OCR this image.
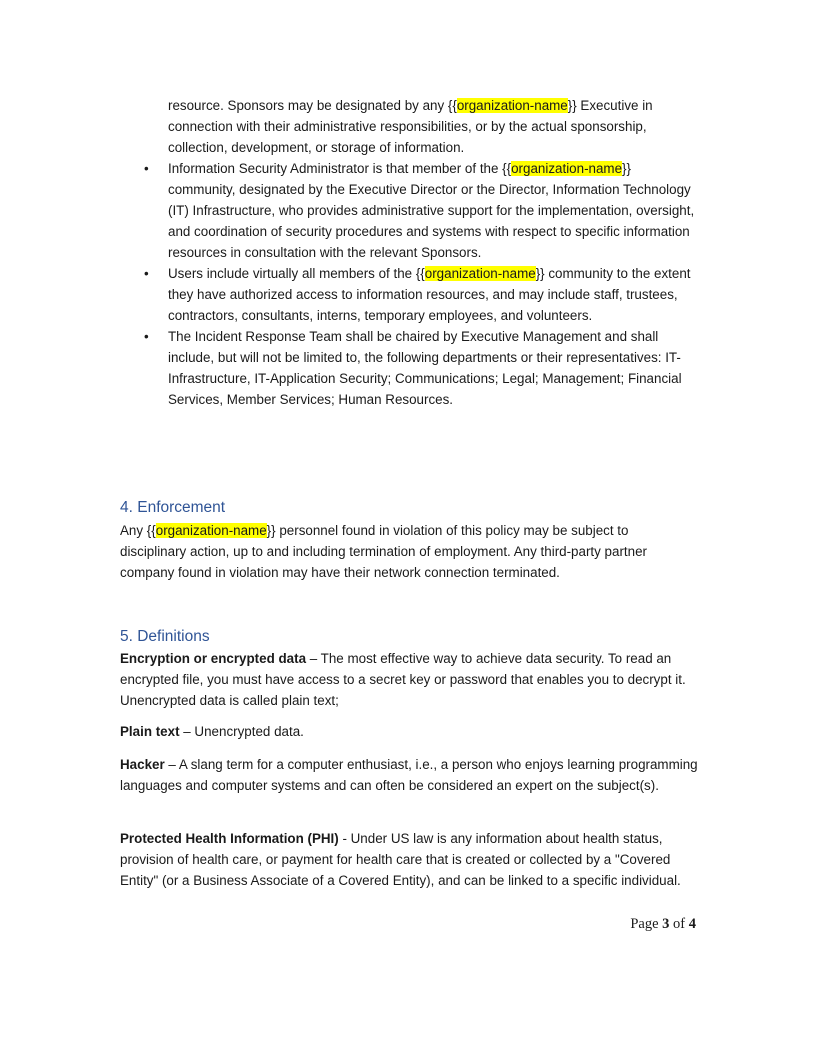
resource. Sponsors may be designated by any {{organization-name}} Executive in connection with their administrative responsibilities, or by the actual sponsorship, collection, development, or storage of information.

• Information Security Administrator is that member of the {{organization-name}} community, designated by the Executive Director or the Director, Information Technology (IT) Infrastructure, who provides administrative support for the implementation, oversight, and coordination of security procedures and systems with respect to specific information resources in consultation with the relevant Sponsors.
• Users include virtually all members of the {{organization-name}} community to the extent they have authorized access to information resources, and may include staff, trustees, contractors, consultants, interns, temporary employees, and volunteers.
• The Incident Response Team shall be chaired by Executive Management and shall include, but will not be limited to, the following departments or their representatives: IT-Infrastructure, IT-Application Security; Communications; Legal; Management; Financial Services, Member Services; Human Resources.
4. Enforcement

Any {{organization-name}} personnel found in violation of this policy may be subject to disciplinary action, up to and including termination of employment. Any third-party partner company found in violation may have their network connection terminated.

5. Definitions

Encryption or encrypted data – The most effective way to achieve data security. To read an encrypted file, you must have access to a secret key or password that enables you to decrypt it. Unencrypted data is called plain text;

Plain text – Unencrypted data.

Hacker – A slang term for a computer enthusiast, i.e., a person who enjoys learning programming languages and computer systems and can often be considered an expert on the subject(s).

Protected Health Information (PHI) - Under US law is any information about health status, provision of health care, or payment for health care that is created or collected by a "Covered Entity" (or a Business Associate of a Covered Entity), and can be linked to a specific individual.

Page 3 of 4
